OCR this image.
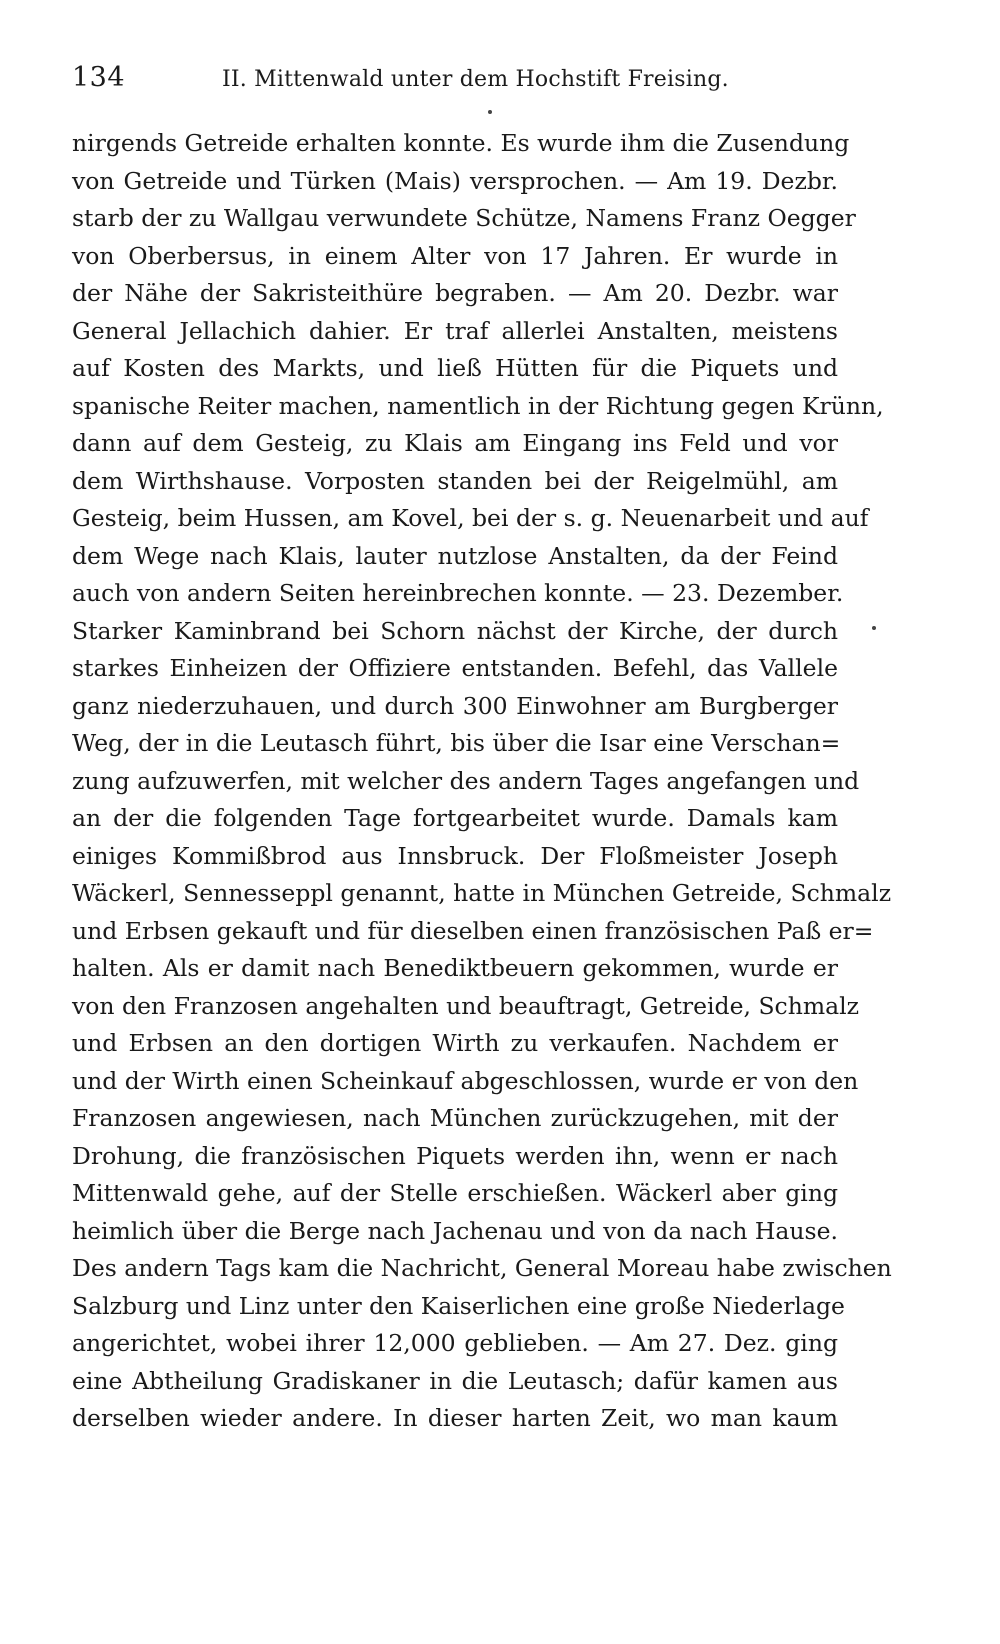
134	II. Mittenwald unter dem Hochstift Freising.
nirgends Getreide erhalten konnte. Es wurde ihm die Zusendung
von Getreide und Türken (Mais) versprochen. — Am 19. Dezbr.
starb der zu Wallgau verwundete Schütze, Namens Franz Oegger
von Oberbersus, in einem Alter von 17 Jahren. Er wurde in
der Nähe der Sakristeithüre begraben. — Am 20. Dezbr. war
General Jellachich dahier. Er traf allerlei Anstalten, meistens
auf Kosten des Markts, und ließ Hütten für die Piquets und
spanische Reiter machen, namentlich in der Richtung gegen Krünn,
dann auf dem Gesteig, zu Klais am Eingang ins Feld und vor
dem Wirthshause. Vorposten standen bei der Reigelmühl, am
Gesteig, beim Hussen, am Kovel, bei der s. g. Neuenarbeit und auf
dem Wege nach Klais, lauter nutzlose Anstalten, da der Feind
auch von andern Seiten hereinbrechen konnte. — 23. Dezember.
Starker Kaminbrand bei Schorn nächst der Kirche, der durch
starkes Einheizen der Offiziere entstanden. Befehl, das Vallele
ganz niederzuhauen, und durch 300 Einwohner am Burgberger
Weg, der in die Leutasch führt, bis über die Isar eine Verschan=
zung aufzuwerfen, mit welcher des andern Tages angefangen und
an der die folgenden Tage fortgearbeitet wurde. Damals kam
einiges Kommißbrod aus Innsbruck. Der Floßmeister Joseph
Wäckerl, Sennesseppl genannt, hatte in München Getreide, Schmalz
und Erbsen gekauft und für dieselben einen französischen Paß er=
halten. Als er damit nach Benediktbeuern gekommen, wurde er
von den Franzosen angehalten und beauftragt, Getreide, Schmalz
und Erbsen an den dortigen Wirth zu verkaufen. Nachdem er
und der Wirth einen Scheinkauf abgeschlossen, wurde er von den
Franzosen angewiesen, nach München zurückzugehen, mit der
Drohung, die französischen Piquets werden ihn, wenn er nach
Mittenwald gehe, auf der Stelle erschießen. Wäckerl aber ging
heimlich über die Berge nach Jachenau und von da nach Hause.
Des andern Tags kam die Nachricht, General Moreau habe zwischen
Salzburg und Linz unter den Kaiserlichen eine große Niederlage
angerichtet, wobei ihrer 12,000 geblieben. — Am 27. Dez. ging
eine Abtheilung Gradiskaner in die Leutasch; dafür kamen aus
derselben wieder andere. In dieser harten Zeit, wo man kaum
